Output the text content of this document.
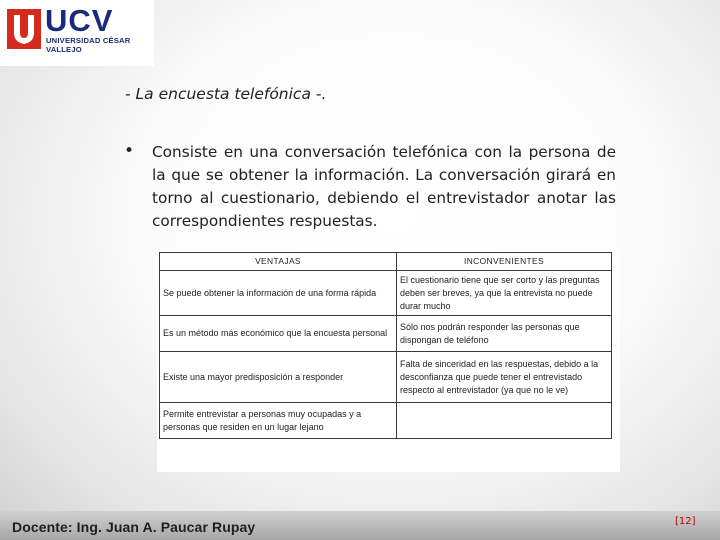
UCV
UNIVERSIDAD CÉSAR VALLEJO
- La encuesta telefónica -.
• Consiste en una conversación telefónica con la persona de la que se obtener la información. La conversación girará en torno al cuestionario, debiendo el entrevistador anotar las correspondientes respuestas.
VENTAJAS	INCONVENIENTES
Se puede obtener la información de una forma rápida	El cuestionario tiene que ser corto y las preguntas deben ser breves, ya que la entrevista no puede durar mucho
Es un método más económico que la encuesta personal	Sólo nos podrán responder las personas que dispongan de teléfono
Existe una mayor predisposición a responder	Falta de sinceridad en las respuestas, debido a la desconfianza que puede tener el entrevistado respecto al entrevistador (ya que no le ve)
Permite entrevistar a personas muy ocupadas y a personas que residen en un lugar lejano	
Docente: Ing. Juan A. Paucar Rupay	[12]
